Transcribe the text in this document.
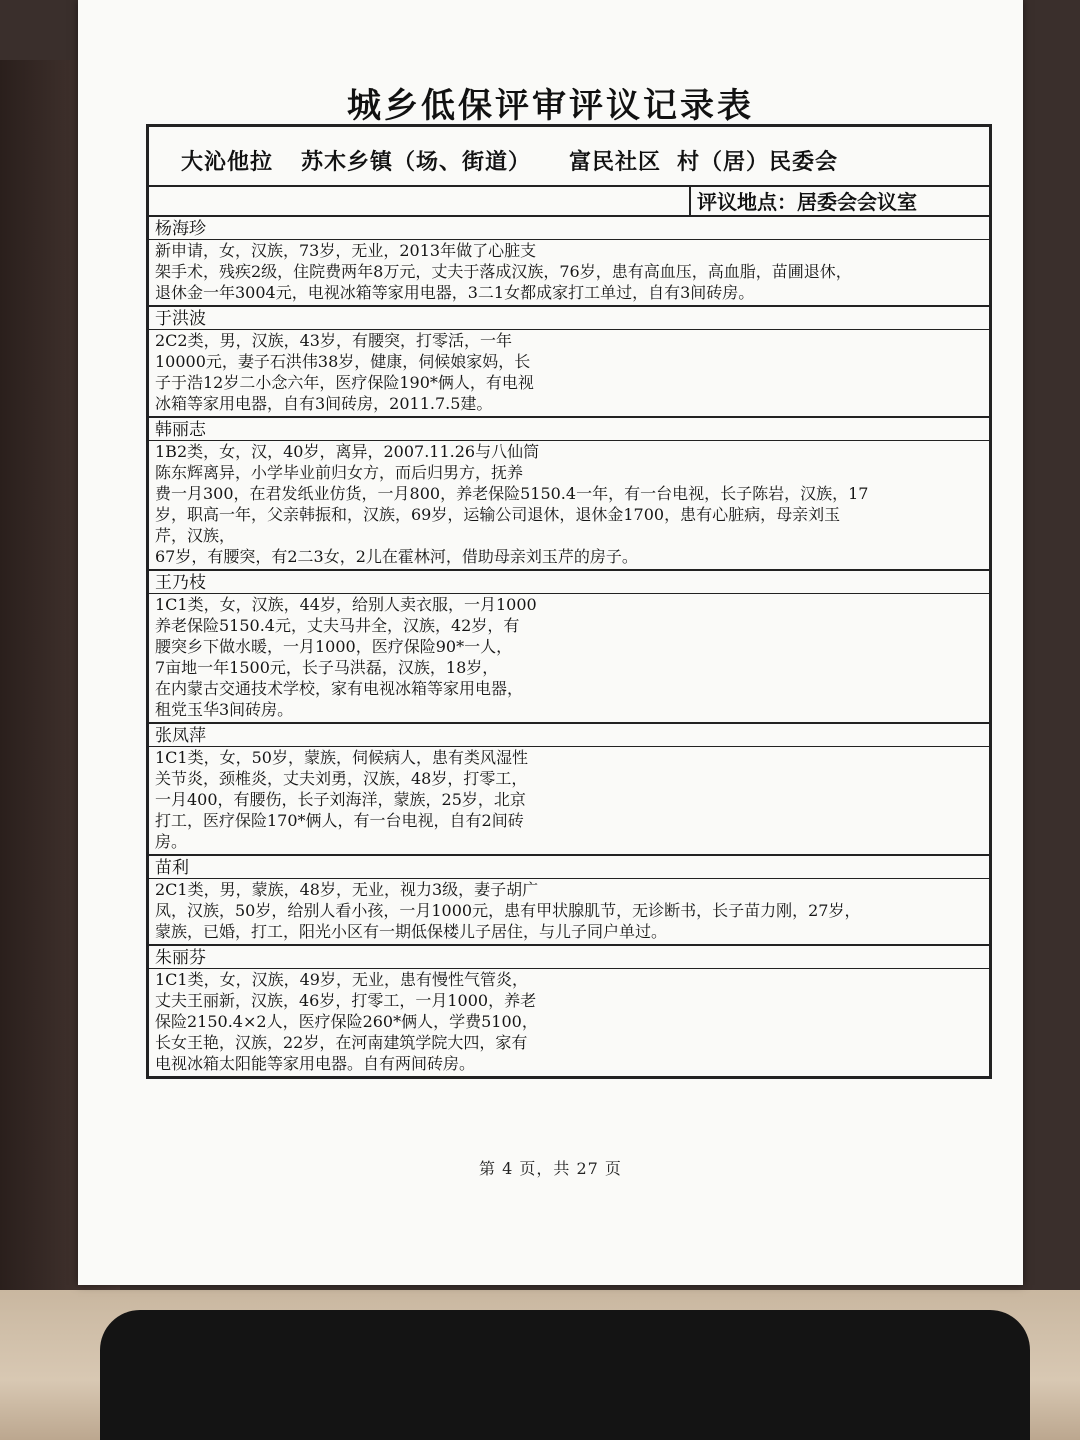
城乡低保评审评议记录表
大沁他拉 苏木乡镇（场、街道） 富民社区 村（居）民委会
评议地点：居委会会议室
杨海珍
新申请，女，汉族，73岁，无业，2013年做了心脏支
架手术，残疾2级，住院费两年8万元，丈夫于落成汉族，76岁，患有高血压，高血脂，苗圃退休，
退休金一年3004元，电视冰箱等家用电器，3二1女都成家打工单过，自有3间砖房。
于洪波
2C2类，男，汉族，43岁，有腰突，打零活，一年
10000元，妻子石洪伟38岁，健康，伺候娘家妈，长
子于浩12岁二小念六年，医疗保险190*俩人，有电视
冰箱等家用电器，自有3间砖房，2011.7.5建。
韩丽志
1B2类，女，汉，40岁，离异，2007.11.26与八仙筒
陈东辉离异，小学毕业前归女方，而后归男方，抚养
费一月300，在君发纸业仿货，一月800，养老保险5150.4一年，有一台电视，长子陈岩，汉族，17
岁，职高一年，父亲韩振和，汉族，69岁，运输公司退休，退休金1700，患有心脏病，母亲刘玉
芹，汉族，
67岁，有腰突，有2二3女，2儿在霍林河，借助母亲刘玉芹的房子。
王乃枝
1C1类，女，汉族，44岁，给别人卖衣服，一月1000
养老保险5150.4元，丈夫马井全，汉族，42岁，有
腰突乡下做水暖，一月1000，医疗保险90*一人，
7亩地一年1500元，长子马洪磊，汉族，18岁，
在内蒙古交通技术学校，家有电视冰箱等家用电器，
租党玉华3间砖房。
张凤萍
1C1类，女，50岁，蒙族，伺候病人，患有类风湿性
关节炎，颈椎炎，丈夫刘勇，汉族，48岁，打零工，
一月400，有腰伤，长子刘海洋，蒙族，25岁，北京
打工，医疗保险170*俩人，有一台电视，自有2间砖
房。
苗利
2C1类，男，蒙族，48岁，无业，视力3级，妻子胡广
凤，汉族，50岁，给别人看小孩，一月1000元，患有甲状腺肌节，无诊断书，长子苗力刚，27岁，
蒙族，已婚，打工，阳光小区有一期低保楼儿子居住，与儿子同户单过。
朱丽芬
1C1类，女，汉族，49岁，无业，患有慢性气管炎，
丈夫王丽新，汉族，46岁，打零工，一月1000，养老
保险2150.4×2人，医疗保险260*俩人，学费5100，
长女王艳，汉族，22岁，在河南建筑学院大四，家有
电视冰箱太阳能等家用电器。自有两间砖房。
第 4 页，共 27 页
